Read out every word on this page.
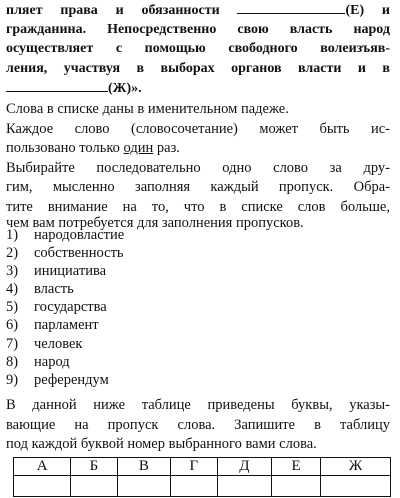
пляет права и обязанности	(Е) и
гражданина. Непосредственно свою власть народ
осуществляет с помощью свободного волеизъяв-
ления, участвуя в выборах органов власти и в
(Ж)».
Слова в списке даны в именительном падеже.
Каждое слово (словосочетание) может быть ис-
пользовано только один раз.
Выбирайте последовательно одно слово за дру-
гим, мысленно заполняя каждый пропуск. Обра-
тите внимание на то, что в списке слов больше,
чем вам потребуется для заполнения пропусков.
1) народовластие
2) собственность
3) инициатива
4) власть
5) государства
6) парламент
7) человек
8) народ
9) референдум
В данной ниже таблице приведены буквы, указы-
вающие на пропуск слова. Запишите в таблицу
под каждой буквой номер выбранного вами слова.
А	Б	В	Г	Д	Е	Ж
